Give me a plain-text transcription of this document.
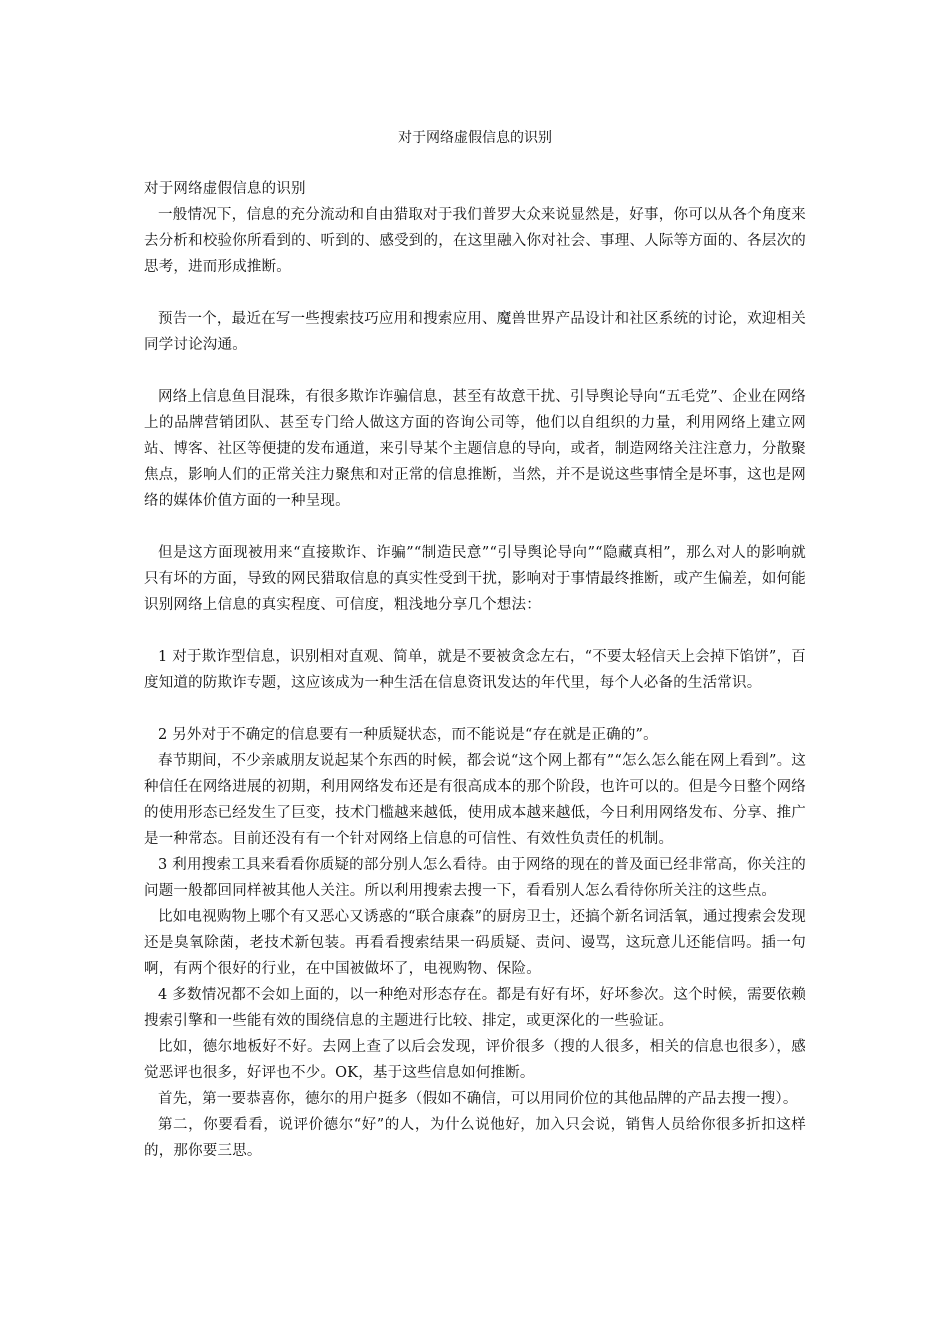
对于网络虚假信息的识别

对于网络虚假信息的识别

一般情况下，信息的充分流动和自由猎取对于我们普罗大众来说显然是，好事，你可以从各个角度来去分析和校验你所看到的、听到的、感受到的，在这里融入你对社会、事理、人际等方面的、各层次的思考，进而形成推断。

预告一个，最近在写一些搜索技巧应用和搜索应用、魔兽世界产品设计和社区系统的讨论，欢迎相关同学讨论沟通。

网络上信息鱼目混珠，有很多欺诈诈骗信息，甚至有故意干扰、引导舆论导向“五毛党”、企业在网络上的品牌营销团队、甚至专门给人做这方面的咨询公司等，他们以自组织的力量，利用网络上建立网站、博客、社区等便捷的发布通道，来引导某个主题信息的导向，或者，制造网络关注注意力，分散聚焦点，影响人们的正常关注力聚焦和对正常的信息推断，当然，并不是说这些事情全是坏事，这也是网络的媒体价值方面的一种呈现。

但是这方面现被用来“直接欺诈、诈骗”“制造民意”“引导舆论导向”“隐藏真相”，那么对人的影响就只有坏的方面，导致的网民猎取信息的真实性受到干扰，影响对于事情最终推断，或产生偏差，如何能识别网络上信息的真实程度、可信度，粗浅地分享几个想法：

1 对于欺诈型信息，识别相对直观、简单，就是不要被贪念左右，“不要太轻信天上会掉下馅饼”，百度知道的防欺诈专题，这应该成为一种生活在信息资讯发达的年代里，每个人必备的生活常识。

2 另外对于不确定的信息要有一种质疑状态，而不能说是“存在就是正确的”。

春节期间，不少亲戚朋友说起某个东西的时候，都会说“这个网上都有”“怎么怎么能在网上看到”。这种信任在网络进展的初期，利用网络发布还是有很高成本的那个阶段，也许可以的。但是今日整个网络的使用形态已经发生了巨变，技术门槛越来越低，使用成本越来越低，今日利用网络发布、分享、推广是一种常态。目前还没有有一个针对网络上信息的可信性、有效性负责任的机制。

3 利用搜索工具来看看你质疑的部分别人怎么看待。由于网络的现在的普及面已经非常高，你关注的问题一般都回同样被其他人关注。所以利用搜索去搜一下，看看别人怎么看待你所关注的这些点。

比如电视购物上哪个有又恶心又诱惑的“联合康森”的厨房卫士，还搞个新名词活氧，通过搜索会发现还是臭氧除菌，老技术新包装。再看看搜索结果一码质疑、责问、谩骂，这玩意儿还能信吗。插一句啊，有两个很好的行业，在中国被做坏了，电视购物、保险。

4 多数情况都不会如上面的，以一种绝对形态存在。都是有好有坏，好坏参次。这个时候，需要依赖搜索引擎和一些能有效的围绕信息的主题进行比较、排定，或更深化的一些验证。

比如，德尔地板好不好。去网上查了以后会发现，评价很多（搜的人很多，相关的信息也很多），感觉恶评也很多，好评也不少。OK，基于这些信息如何推断。

首先，第一要恭喜你，德尔的用户挺多（假如不确信，可以用同价位的其他品牌的产品去搜一搜）。

第二，你要看看，说评价德尔“好”的人，为什么说他好，加入只会说，销售人员给你很多折扣这样的，那你要三思。
